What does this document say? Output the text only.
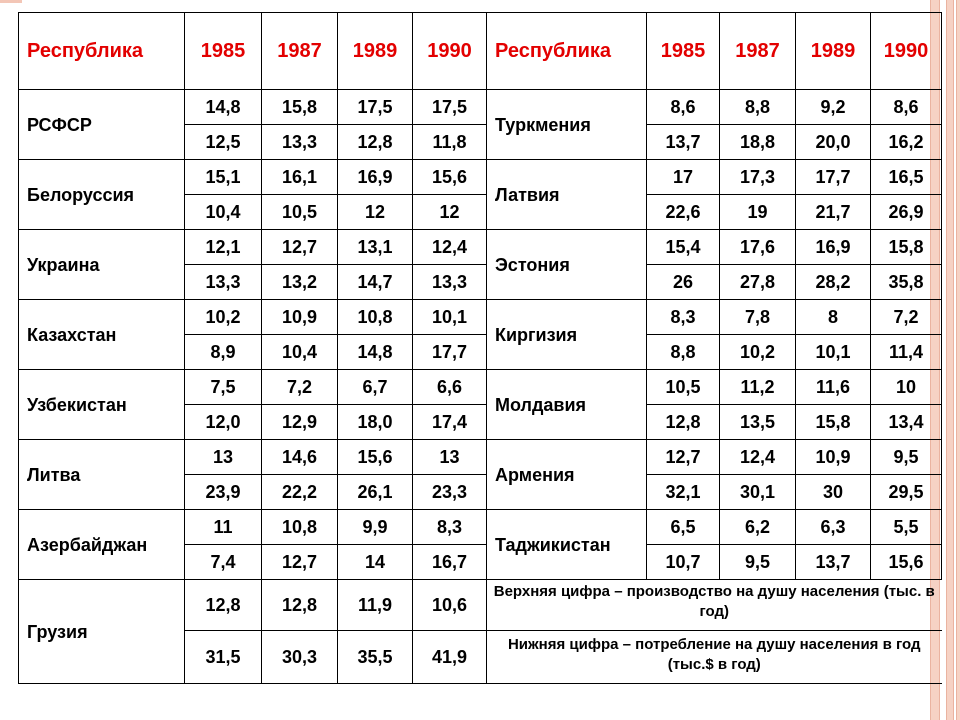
Республика	1985	1987	1989	1990	Республика	1985	1987	1989	1990
РСФСР	14,8	15,8	17,5	17,5	Туркмения	8,6	8,8	9,2	8,6
	12,5	13,3	12,8	11,8		13,7	18,8	20,0	16,2
Белоруссия	15,1	16,1	16,9	15,6	Латвия	17	17,3	17,7	16,5
	10,4	10,5	12	12		22,6	19	21,7	26,9
Украина	12,1	12,7	13,1	12,4	Эстония	15,4	17,6	16,9	15,8
	13,3	13,2	14,7	13,3		26	27,8	28,2	35,8
Казахстан	10,2	10,9	10,8	10,1	Киргизия	8,3	7,8	8	7,2
	8,9	10,4	14,8	17,7		8,8	10,2	10,1	11,4
Узбекистан	7,5	7,2	6,7	6,6	Молдавия	10,5	11,2	11,6	10
	12,0	12,9	18,0	17,4		12,8	13,5	15,8	13,4
Литва	13	14,6	15,6	13	Армения	12,7	12,4	10,9	9,5
	23,9	22,2	26,1	23,3		32,1	30,1	30	29,5
Азербайджан	11	10,8	9,9	8,3	Таджикистан	6,5	6,2	6,3	5,5
	7,4	12,7	14	16,7		10,7	9,5	13,7	15,6
Грузия	12,8	12,8	11,9	10,6	Верхняя цифра – производство на душу населения (тыс. в год)				
	31,5	30,3	35,5	41,9	Нижняя цифра – потребление на душу населения в год (тыс.$ в год)				
